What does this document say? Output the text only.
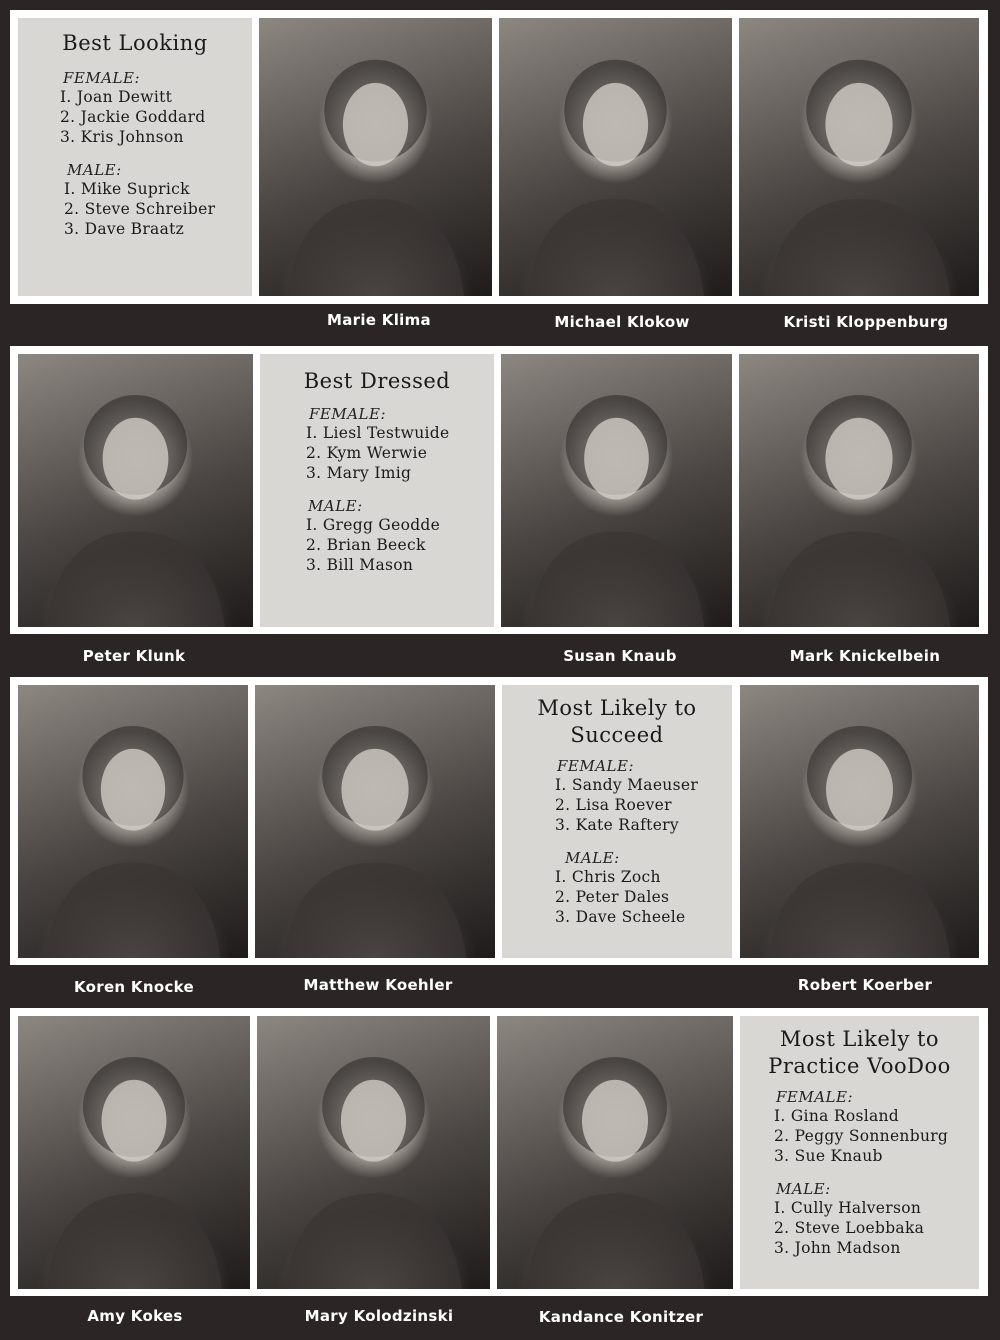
Best Looking
FEMALE:
I. Joan Dewitt
2. Jackie Goddard
3. Kris Johnson
MALE:
I. Mike Suprick
2. Steve Schreiber
3. Dave Braatz
Marie Klima	Michael Klokow	Kristi Kloppenburg
Best Dressed
FEMALE:
I. Liesl Testwuide
2. Kym Werwie
3. Mary Imig
MALE:
I. Gregg Geodde
2. Brian Beeck
3. Bill Mason
Peter Klunk	Susan Knaub	Mark Knickelbein
Most Likely to
Succeed
FEMALE:
I. Sandy Maeuser
2. Lisa Roever
3. Kate Raftery
MALE:
I. Chris Zoch
2. Peter Dales
3. Dave Scheele
Koren Knocke	Matthew Koehler	Robert Koerber
Most Likely to
Practice VooDoo
FEMALE:
I. Gina Rosland
2. Peggy Sonnenburg
3. Sue Knaub
MALE:
I. Cully Halverson
2. Steve Loebbaka
3. John Madson
Amy Kokes	Mary Kolodzinski	Kandance Konitzer
